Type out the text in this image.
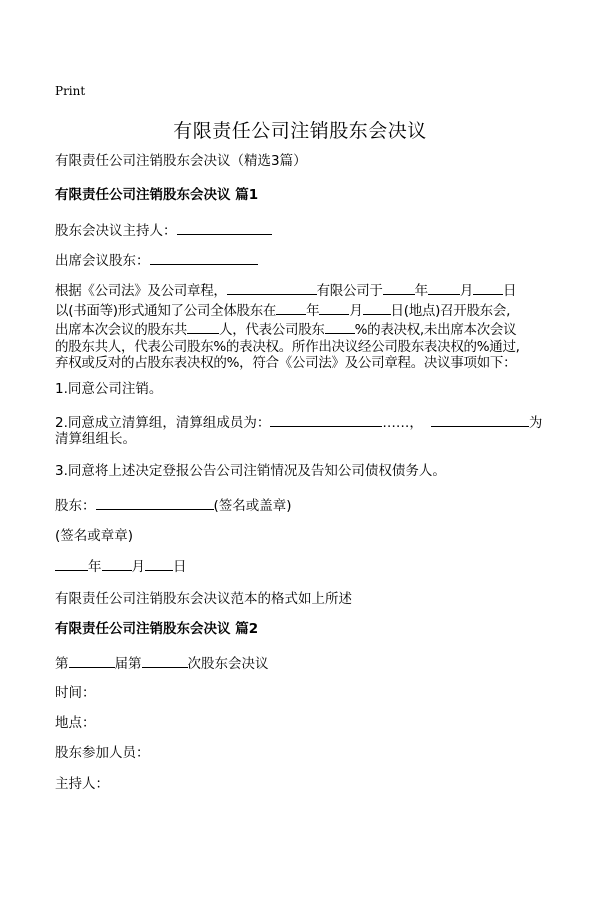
Print
有限责任公司注销股东会决议
有限责任公司注销股东会决议（精选3篇）
有限责任公司注销股东会决议 篇1
股东会决议主持人：
出席会议股东：
根据《公司法》及公司章程，	有限公司于 年 月 日
以(书面等)形式通知了公司全体股东在 年 月 日(地点)召开股东会,
出席本次会议的股东共 人，代表公司股东 %的表决权,未出席本次会议
的股东共人，代表公司股东%的表决权。所作出决议经公司股东表决权的%通过,
弃权或反对的占股东表决权的%，符合《公司法》及公司章程。决议事项如下：
1.同意公司注销。
2.同意成立清算组，清算组成员为：	……，	为
清算组组长。
3.同意将上述决定登报公告公司注销情况及告知公司债权债务人。
股东：	(签名或盖章)
(签名或章章)
年 月 日
有限责任公司注销股东会决议范本的格式如上所述
有限责任公司注销股东会决议 篇2
第	届第	次股东会决议
时间：
地点：
股东参加人员：
主持人：
